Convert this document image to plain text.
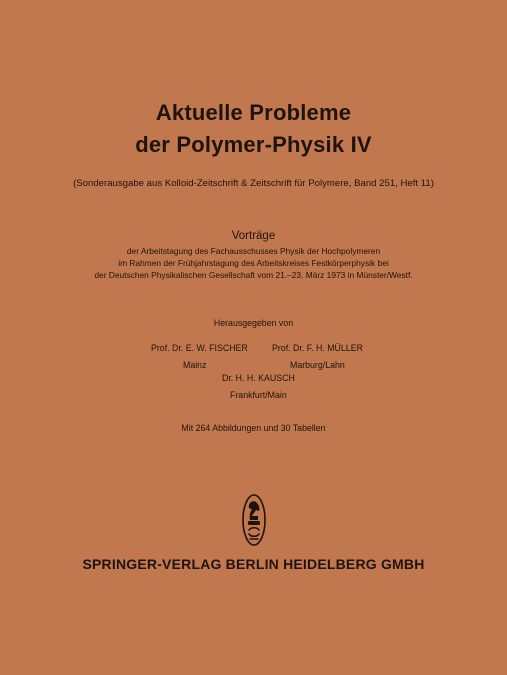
Aktuelle Probleme
der Polymer-Physik IV
(Sonderausgabe aus Kolloid-Zeitschrift & Zeitschrift für Polymere, Band 251, Heft 11)
Vorträge
der Arbeitstagung des Fachausschusses Physik der Hochpolymeren
im Rahmen der Frühjahrstagung des Arbeitskreises Festkörperphysik bei
der Deutschen Physikalischen Gesellschaft vom 21.–23. März 1973 in Münster/Westf.
Herausgegeben von
Prof. Dr. E. W. FISCHER
Mainz
Prof. Dr. F. H. MÜLLER
Marburg/Lahn
Dr. H. H. KAUSCH
Frankfurt/Main
Mit 264 Abbildungen und 30 Tabellen
SPRINGER-VERLAG BERLIN HEIDELBERG GMBH
